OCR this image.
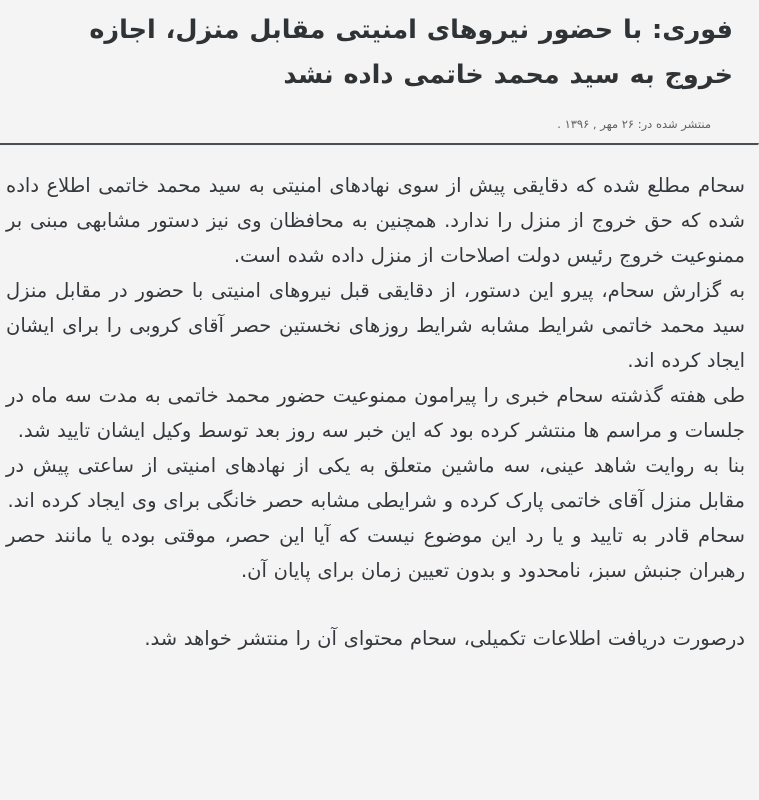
فوری: با حضور نیروهای امنیتی مقابل منزل، اجازه خروج به سید محمد خاتمی داده نشد
منتشر شده در: ۲۶ مهر , ۱۳۹۶ .

سحام مطلع شده که دقایقی پیش از سوی نهادهای امنیتی به سید محمد خاتمی اطلاع داده شده که حق خروج از منزل را ندارد. همچنین به محافظان وی نیز دستور مشابهی مبنی بر ممنوعیت خروج رئیس دولت اصلاحات از منزل داده شده است.

به گزارش سحام، پیرو این دستور، از دقایقی قبل نیروهای امنیتی با حضور در مقابل منزل سید محمد خاتمی شرایط مشابه شرایط روزهای نخستین حصر آقای کروبی را برای ایشان ایجاد کرده اند.

طی هفته گذشته سحام خبری را پیرامون ممنوعیت حضور محمد خاتمی به مدت سه ماه در جلسات و مراسم ها منتشر کرده بود که این خبر سه روز بعد توسط وکیل ایشان تایید شد.

بنا به روایت شاهد عینی، سه ماشین متعلق به یکی از نهادهای امنیتی از ساعتی پیش در مقابل منزل آقای خاتمی پارک کرده و شرایطی مشابه حصر خانگی برای وی ایجاد کرده اند.

سحام قادر به تایید و یا رد این موضوع نیست که آیا این حصر، موقتی بوده یا مانند حصر رهبران جنبش سبز، نامحدود و بدون تعیین زمان برای پایان آن.

درصورت دریافت اطلاعات تکمیلی، سحام محتوای آن را منتشر خواهد شد.
